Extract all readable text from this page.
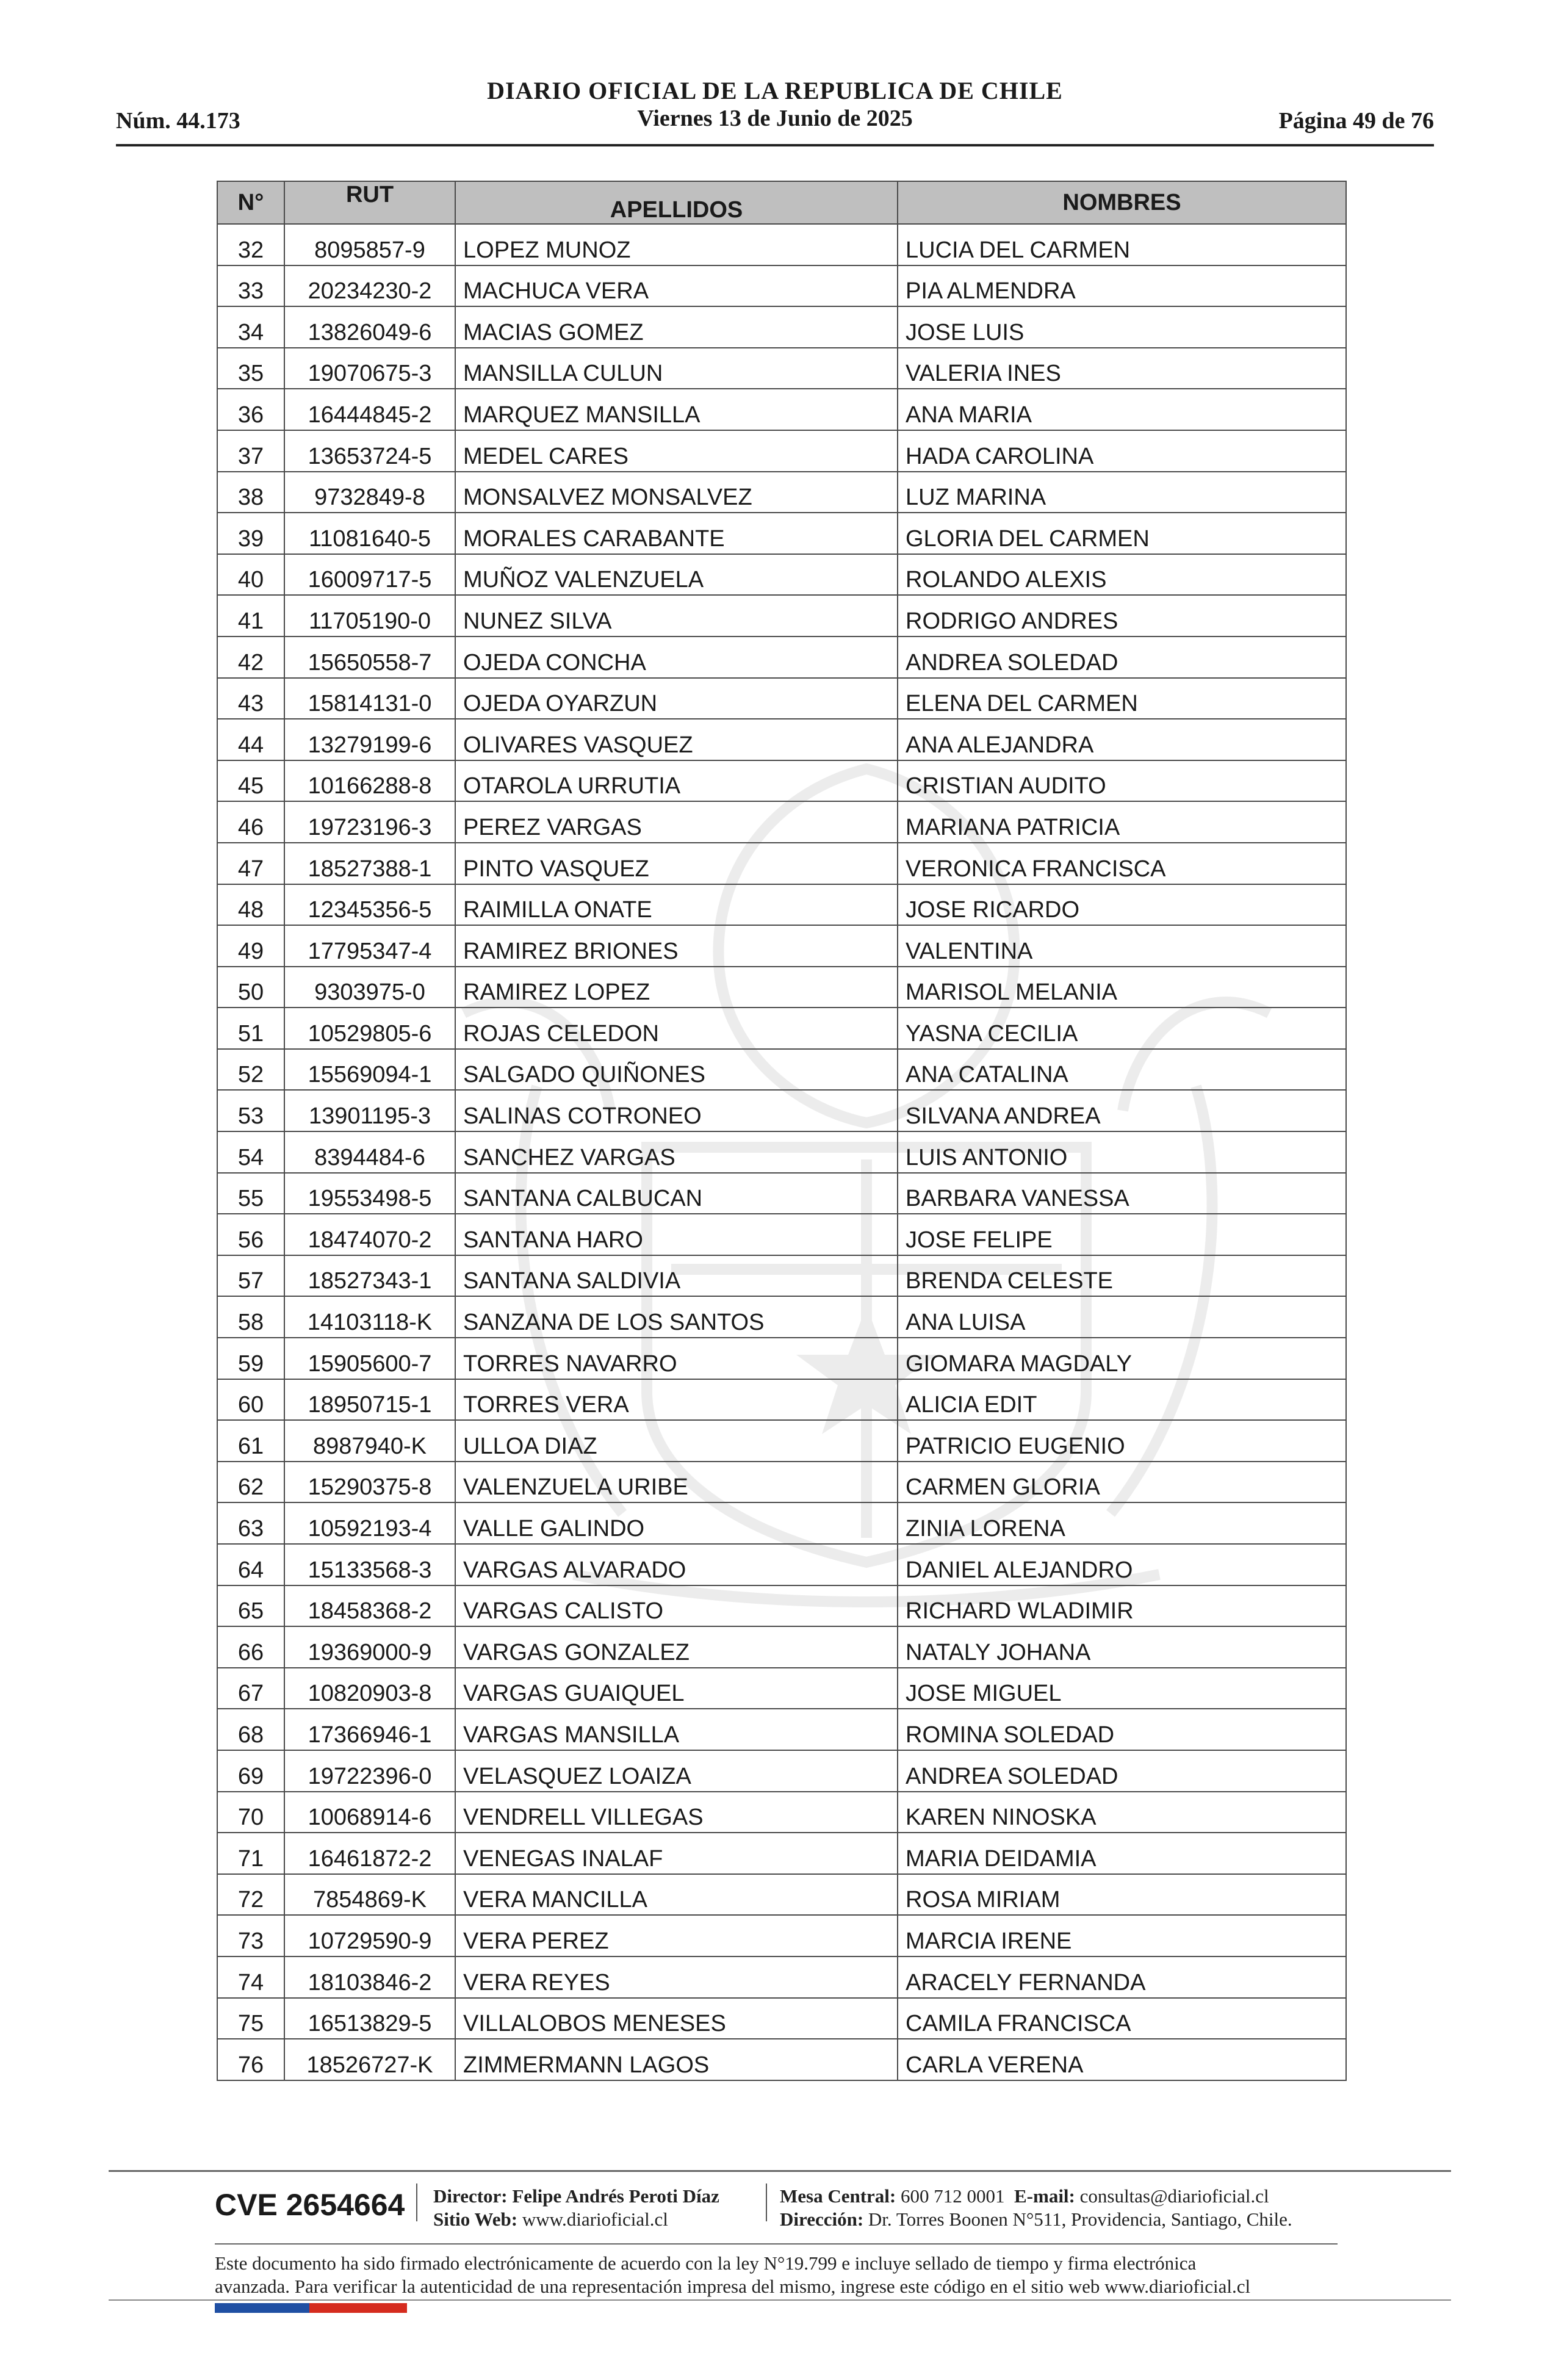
Núm. 44.173
DIARIO OFICIAL DE LA REPUBLICA DE CHILE
Viernes 13 de Junio de 2025	Página 49 de 76
N°	RUT	APELLIDOS	NOMBRES
32	8095857-9	LOPEZ MUNOZ	LUCIA DEL CARMEN
33	20234230-2	MACHUCA VERA	PIA ALMENDRA
34	13826049-6	MACIAS GOMEZ	JOSE LUIS
35	19070675-3	MANSILLA CULUN	VALERIA INES
36	16444845-2	MARQUEZ MANSILLA	ANA MARIA
37	13653724-5	MEDEL CARES	HADA CAROLINA
38	9732849-8	MONSALVEZ MONSALVEZ	LUZ MARINA
39	11081640-5	MORALES CARABANTE	GLORIA DEL CARMEN
40	16009717-5	MUÑOZ VALENZUELA	ROLANDO ALEXIS
41	11705190-0	NUNEZ SILVA	RODRIGO ANDRES
42	15650558-7	OJEDA CONCHA	ANDREA SOLEDAD
43	15814131-0	OJEDA OYARZUN	ELENA DEL CARMEN
44	13279199-6	OLIVARES VASQUEZ	ANA ALEJANDRA
45	10166288-8	OTAROLA URRUTIA	CRISTIAN AUDITO
46	19723196-3	PEREZ VARGAS	MARIANA PATRICIA
47	18527388-1	PINTO VASQUEZ	VERONICA FRANCISCA
48	12345356-5	RAIMILLA ONATE	JOSE RICARDO
49	17795347-4	RAMIREZ BRIONES	VALENTINA
50	9303975-0	RAMIREZ LOPEZ	MARISOL MELANIA
51	10529805-6	ROJAS CELEDON	YASNA CECILIA
52	15569094-1	SALGADO QUIÑONES	ANA CATALINA
53	13901195-3	SALINAS COTRONEO	SILVANA ANDREA
54	8394484-6	SANCHEZ VARGAS	LUIS ANTONIO
55	19553498-5	SANTANA CALBUCAN	BARBARA VANESSA
56	18474070-2	SANTANA HARO	JOSE FELIPE
57	18527343-1	SANTANA SALDIVIA	BRENDA CELESTE
58	14103118-K	SANZANA DE LOS SANTOS	ANA LUISA
59	15905600-7	TORRES NAVARRO	GIOMARA MAGDALY
60	18950715-1	TORRES VERA	ALICIA EDIT
61	8987940-K	ULLOA DIAZ	PATRICIO EUGENIO
62	15290375-8	VALENZUELA URIBE	CARMEN GLORIA
63	10592193-4	VALLE GALINDO	ZINIA LORENA
64	15133568-3	VARGAS ALVARADO	DANIEL ALEJANDRO
65	18458368-2	VARGAS CALISTO	RICHARD WLADIMIR
66	19369000-9	VARGAS GONZALEZ	NATALY JOHANA
67	10820903-8	VARGAS GUAIQUEL	JOSE MIGUEL
68	17366946-1	VARGAS MANSILLA	ROMINA SOLEDAD
69	19722396-0	VELASQUEZ LOAIZA	ANDREA SOLEDAD
70	10068914-6	VENDRELL VILLEGAS	KAREN NINOSKA
71	16461872-2	VENEGAS INALAF	MARIA DEIDAMIA
72	7854869-K	VERA MANCILLA	ROSA MIRIAM
73	10729590-9	VERA PEREZ	MARCIA IRENE
74	18103846-2	VERA REYES	ARACELY FERNANDA
75	16513829-5	VILLALOBOS MENESES	CAMILA FRANCISCA
76	18526727-K	ZIMMERMANN LAGOS	CARLA VERENA
CVE 2654664 Director: Felipe Andrés Peroti Díaz
Sitio Web: www.diarioficial.cl
Mesa Central: 600 712 0001 E-mail: consultas@diarioficial.cl
Dirección: Dr. Torres Boonen N°511, Providencia, Santiago, Chile.
Este documento ha sido firmado electrónicamente de acuerdo con la ley N°19.799 e incluye sellado de tiempo y firma electrónica
avanzada. Para verificar la autenticidad de una representación impresa del mismo, ingrese este código en el sitio web www.diarioficial.cl
